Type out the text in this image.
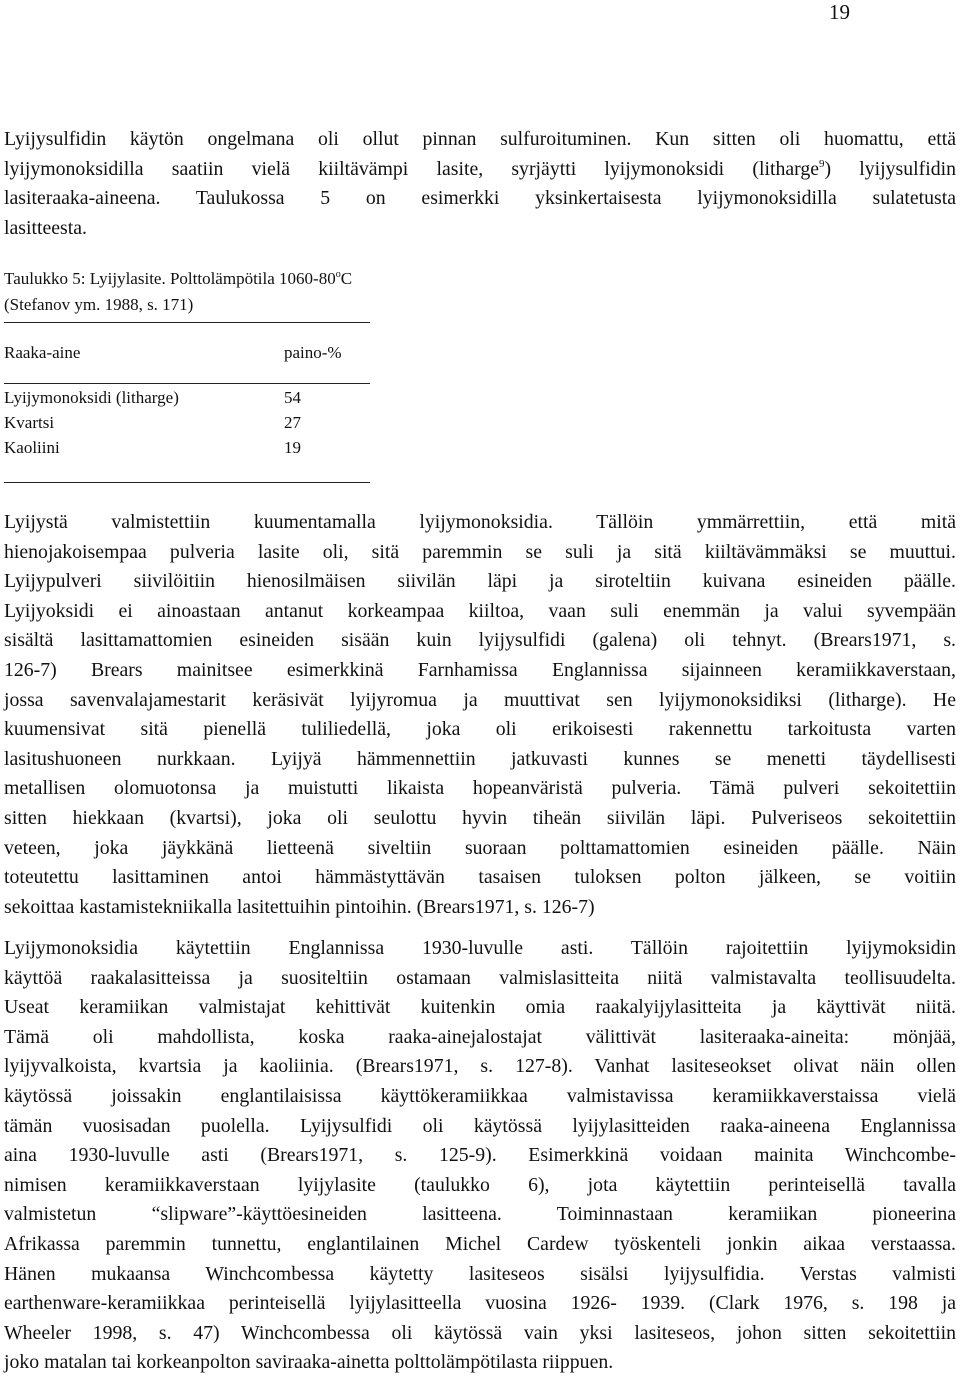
19
Lyijysulfidin käytön ongelmana oli ollut pinnan sulfuroituminen. Kun sitten oli huomattu, että
lyijymonoksidilla saatiin vielä kiiltävämpi lasite, syrjäytti lyijymonoksidi (litharge$^9$) lyijysulfidin
lasiteraaka-aineena. Taulukossa 5 on esimerkki yksinkertaisesta lyijymonoksidilla sulatetusta
lasitteesta.
Taulukko 5: Lyijylasite. Polttolämpötila 1060-80$^o$C
(Stefanov ym. 1988, s. 171)
Raaka-aine	paino-%
Lyijymonoksidi (litharge)	54
Kvartsi	27
Kaoliini	19
Lyijystä valmistettiin kuumentamalla lyijymonoksidia. Tällöin ymmärrettiin, että mitä
hienojakoisempaa pulveria lasite oli, sitä paremmin se suli ja sitä kiiltävämmäksi se muuttui.
Lyijypulveri siivilöitiin hienosilmäisen siivilän läpi ja siroteltiin kuivana esineiden päälle.
Lyijyoksidi ei ainoastaan antanut korkeampaa kiiltoa, vaan suli enemmän ja valui syvempään
sisältä lasittamattomien esineiden sisään kuin lyijysulfidi (galena) oli tehnyt. (Brears1971, s.
126-7) Brears mainitsee esimerkkinä Farnhamissa Englannissa sijainneen keramiikkaverstaan,
jossa savenvalajamestarit keräsivät lyijyromua ja muuttivat sen lyijymonoksidiksi (litharge). He
kuumensivat sitä pienellä tuliliedellä, joka oli erikoisesti rakennettu tarkoitusta varten
lasitushuoneen nurkkaan. Lyijyä hämmennettiin jatkuvasti kunnes se menetti täydellisesti
metallisen olomuotonsa ja muistutti likaista hopeanväristä pulveria. Tämä pulveri sekoitettiin
sitten hiekkaan (kvartsi), joka oli seulottu hyvin tiheän siivilän läpi. Pulveriseos sekoitettiin
veteen, joka jäykkänä lietteenä siveltiin suoraan polttamattomien esineiden päälle. Näin
toteutettu lasittaminen antoi hämmästyttävän tasaisen tuloksen polton jälkeen, se voitiin
sekoittaa kastamistekniikalla lasitettuihin pintoihin. (Brears1971, s. 126-7)
Lyijymonoksidia käytettiin Englannissa 1930-luvulle asti. Tällöin rajoitettiin lyijymoksidin
käyttöä raakalasitteissa ja suositeltiin ostamaan valmislasitteita niitä valmistavalta teollisuudelta.
Useat keramiikan valmistajat kehittivät kuitenkin omia raakalyijylasitteita ja käyttivät niitä.
Tämä oli mahdollista, koska raaka-ainejalostajat välittivät lasiteraaka-aineita: mönjää,
lyijyvalkoista, kvartsia ja kaoliinia. (Brears1971, s. 127-8). Vanhat lasiteseokset olivat näin ollen
käytössä joissakin englantilaisissa käyttökeramiikkaa valmistavissa keramiikkaverstaissa vielä
tämän vuosisadan puolella. Lyijysulfidi oli käytössä lyijylasitteiden raaka-aineena Englannissa
aina 1930-luvulle asti (Brears1971, s. 125-9). Esimerkkinä voidaan mainita Winchcombe-
nimisen keramiikkaverstaan lyijylasite (taulukko 6), jota käytettiin perinteisellä tavalla
valmistetun “slipware”-käyttöesineiden lasitteena. Toiminnastaan keramiikan pioneerina
Afrikassa paremmin tunnettu, englantilainen Michel Cardew työskenteli jonkin aikaa verstaassa.
Hänen mukaansa Winchcombessa käytetty lasiteseos sisälsi lyijysulfidia. Verstas valmisti
earthenware-keramiikkaa perinteisellä lyijylasitteella vuosina 1926- 1939. (Clark 1976, s. 198 ja
Wheeler 1998, s. 47) Winchcombessa oli käytössä vain yksi lasiteseos, johon sitten sekoitettiin
joko matalan tai korkeanpolton saviraaka-ainetta polttolämpötilasta riippuen.
